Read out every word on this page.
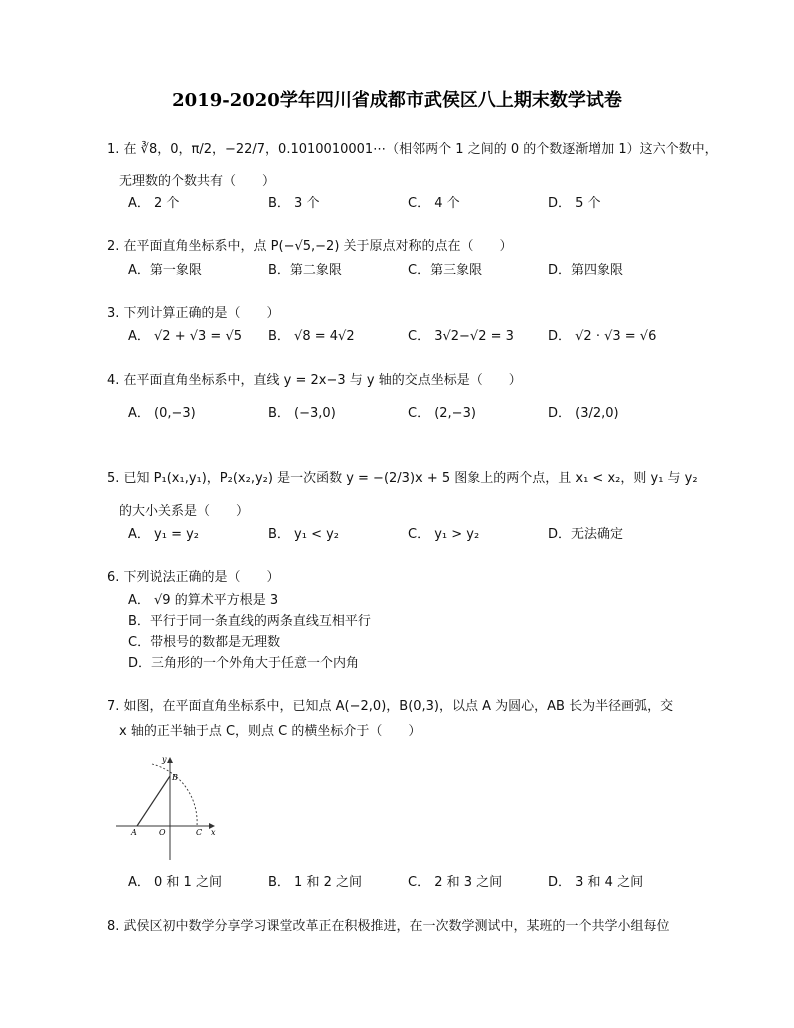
2019-2020学年四川省成都市武侯区八上期末数学试卷
1. 在 ∛8，0，π/2，−22/7，0.1010010001⋯（相邻两个 1 之间的 0 的个数逐渐增加 1）这六个数中，
无理数的个数共有（　　）
A． 2 个	B． 3 个	C． 4 个	D． 5 个
2. 在平面直角坐标系中，点 P(−√5,−2) 关于原点对称的点在（　　）
A．第一象限	B．第二象限	C．第三象限	D．第四象限
3. 下列计算正确的是（　　）
A． √2 + √3 = √5 B． √8 = 4√2	C． 3√2−√2 = 3	D． √2 · √3 = √6
4. 在平面直角坐标系中，直线 y = 2x−3 与 y 轴的交点坐标是（　　）
A． (0,−3)	B． (−3,0)	C． (2,−3)	D． (3/2,0)
5. 已知 P₁(x₁,y₁)，P₂(x₂,y₂) 是一次函数 y = −(2/3)x + 5 图象上的两个点，且 x₁ < x₂，则 y₁ 与 y₂
的大小关系是（　　）
A． y₁ = y₂	B． y₁ < y₂	C． y₁ > y₂	D．无法确定
6. 下列说法正确的是（　　）
A． √9 的算术平方根是 3
B．平行于同一条直线的两条直线互相平行
C．带根号的数都是无理数
D．三角形的一个外角大于任意一个内角
7. 如图，在平面直角坐标系中，已知点 A(−2,0)，B(0,3)，以点 A 为圆心，AB 长为半径画弧，交
x 轴的正半轴于点 C，则点 C 的横坐标介于（　　）
y
B
A	O	C x
A． 0 和 1 之间	B． 1 和 2 之间	C． 2 和 3 之间	D． 3 和 4 之间
8. 武侯区初中数学分享学习课堂改革正在积极推进，在一次数学测试中，某班的一个共学小组每位
